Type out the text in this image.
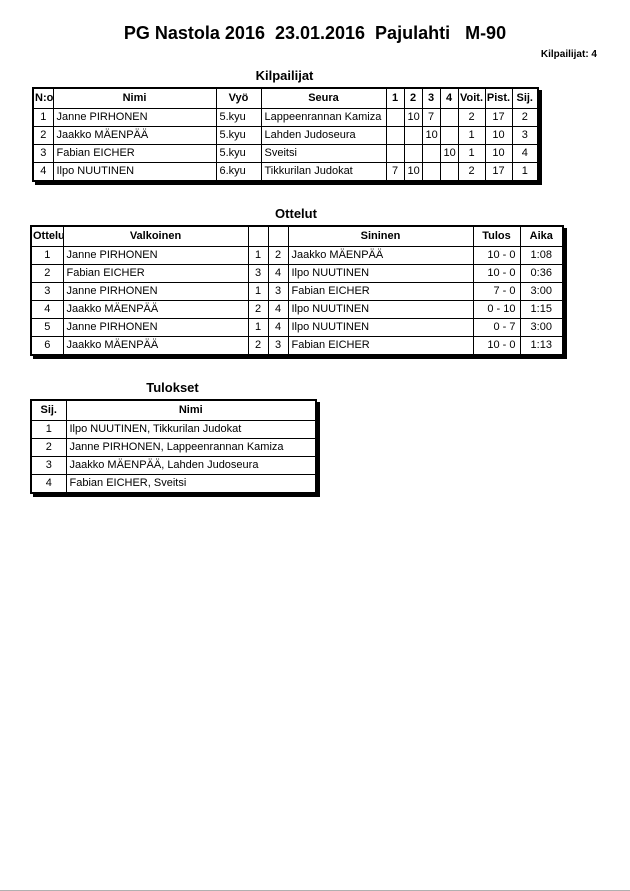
PG Nastola 2016  23.01.2016  Pajulahti   M-90
Kilpailijat: 4
Kilpailijat
N:o	Nimi	Vyö	Seura	1	2	3	4	Voit.	Pist.	Sij.
1	Janne PIRHONEN	5.kyu	Lappeenrannan Kamiza		10	7		2	17	2
2	Jaakko MÄENPÄÄ	5.kyu	Lahden Judoseura			10		1	10	3
3	Fabian EICHER	5.kyu	Sveitsi				10	1	10	4
4	Ilpo NUUTINEN	6.kyu	Tikkurilan Judokat	7	10			2	17	1
Ottelut
Ottelu	Valkoinen			Sininen	Tulos	Aika
1	Janne PIRHONEN	1	2	Jaakko MÄENPÄÄ	10 - 0	1:08
2	Fabian EICHER	3	4	Ilpo NUUTINEN	10 - 0	0:36
3	Janne PIRHONEN	1	3	Fabian EICHER	7 - 0	3:00
4	Jaakko MÄENPÄÄ	2	4	Ilpo NUUTINEN	0 - 10	1:15
5	Janne PIRHONEN	1	4	Ilpo NUUTINEN	0 - 7	3:00
6	Jaakko MÄENPÄÄ	2	3	Fabian EICHER	10 - 0	1:13
Tulokset
Sij.	Nimi
1	Ilpo NUUTINEN, Tikkurilan Judokat
2	Janne PIRHONEN, Lappeenrannan Kamiza
3	Jaakko MÄENPÄÄ, Lahden Judoseura
4	Fabian EICHER, Sveitsi
